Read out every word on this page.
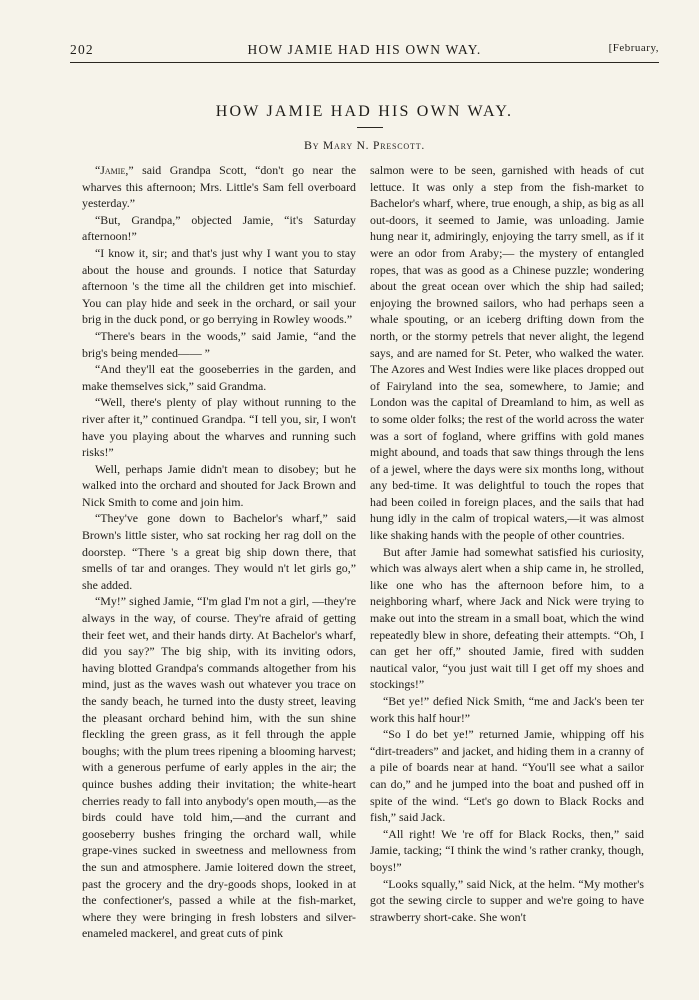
202	HOW JAMIE HAD HIS OWN WAY.	[February,
HOW JAMIE HAD HIS OWN WAY.
By Mary N. Prescott.

“Jamie,” said Grandpa Scott, “don't go near the wharves this afternoon; Mrs. Little's Sam fell overboard yesterday.”

“But, Grandpa,” objected Jamie, “it's Saturday afternoon!”

“I know it, sir; and that's just why I want you to stay about the house and grounds. I notice that Saturday afternoon 's the time all the children get into mischief. You can play hide and seek in the orchard, or sail your brig in the duck pond, or go berrying in Rowley woods.”

“There's bears in the woods,” said Jamie, “and the brig's being mended—— ”

“And they'll eat the gooseberries in the garden, and make themselves sick,” said Grandma.

“Well, there's plenty of play without running to the river after it,” continued Grandpa. “I tell you, sir, I won't have you playing about the wharves and running such risks!”

Well, perhaps Jamie didn't mean to disobey; but he walked into the orchard and shouted for Jack Brown and Nick Smith to come and join him.

“They've gone down to Bachelor's wharf,” said Brown's little sister, who sat rocking her rag doll on the doorstep. “There 's a great big ship down there, that smells of tar and oranges. They would n't let girls go,” she added.

“My!” sighed Jamie, “I'm glad I'm not a girl, —they're always in the way, of course. They're afraid of getting their feet wet, and their hands dirty. At Bachelor's wharf, did you say?” The big ship, with its inviting odors, having blotted Grandpa's commands altogether from his mind, just as the waves wash out whatever you trace on the sandy beach, he turned into the dusty street, leaving the pleasant orchard behind him, with the sun shine fleckling the green grass, as it fell through the apple boughs; with the plum trees ripening a blooming harvest; with a generous perfume of early apples in the air; the quince bushes adding their invitation; the white-heart cherries ready to fall into anybody's open mouth,—as the birds could have told him,—and the currant and gooseberry bushes fringing the orchard wall, while grape-vines sucked in sweetness and mellowness from the sun and atmosphere. Jamie loitered down the street, past the grocery and the dry-goods shops, looked in at the confectioner's, passed a while at the fish-market, where they were bringing in fresh lobsters and silver-enameled mackerel, and great cuts of pink

salmon were to be seen, garnished with heads of cut lettuce. It was only a step from the fish-market to Bachelor's wharf, where, true enough, a ship, as big as all out-doors, it seemed to Jamie, was unloading. Jamie hung near it, admiringly, enjoying the tarry smell, as if it were an odor from Araby;— the mystery of entangled ropes, that was as good as a Chinese puzzle; wondering about the great ocean over which the ship had sailed; enjoying the browned sailors, who had perhaps seen a whale spouting, or an iceberg drifting down from the north, or the stormy petrels that never alight, the legend says, and are named for St. Peter, who walked the water. The Azores and West Indies were like places dropped out of Fairyland into the sea, somewhere, to Jamie; and London was the capital of Dreamland to him, as well as to some older folks; the rest of the world across the water was a sort of fogland, where griffins with gold manes might abound, and toads that saw things through the lens of a jewel, where the days were six months long, without any bed-time. It was delightful to touch the ropes that had been coiled in foreign places, and the sails that had hung idly in the calm of tropical waters,—it was almost like shaking hands with the people of other countries.

But after Jamie had somewhat satisfied his curiosity, which was always alert when a ship came in, he strolled, like one who has the afternoon before him, to a neighboring wharf, where Jack and Nick were trying to make out into the stream in a small boat, which the wind repeatedly blew in shore, defeating their attempts. “Oh, I can get her off,” shouted Jamie, fired with sudden nautical valor, “you just wait till I get off my shoes and stockings!”

“Bet ye!” defied Nick Smith, “me and Jack's been ter work this half hour!”

“So I do bet ye!” returned Jamie, whipping off his “dirt-treaders” and jacket, and hiding them in a cranny of a pile of boards near at hand. “You'll see what a sailor can do,” and he jumped into the boat and pushed off in spite of the wind. “Let's go down to Black Rocks and fish,” said Jack.

“All right! We 're off for Black Rocks, then,” said Jamie, tacking; “I think the wind 's rather cranky, though, boys!”

“Looks squally,” said Nick, at the helm. “My mother's got the sewing circle to supper and we're going to have strawberry short-cake. She won't
